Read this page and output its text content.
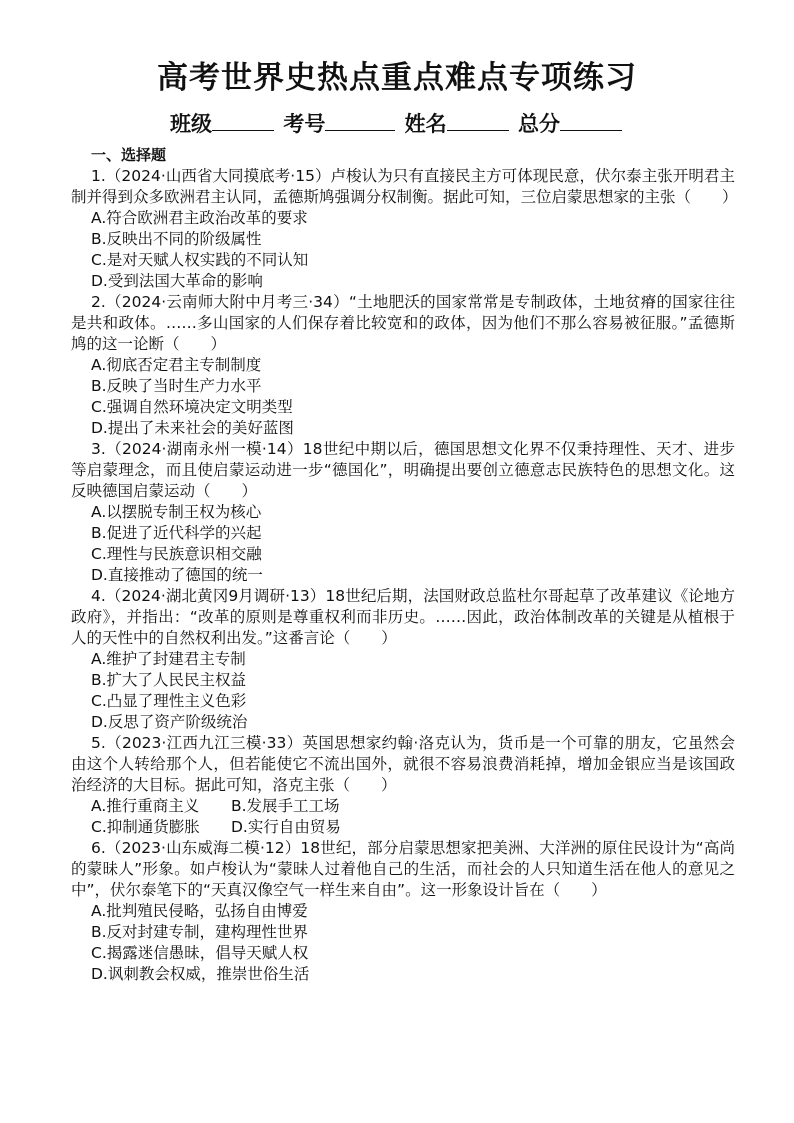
高考世界史热点重点难点专项练习
班级	考号	姓名	总分
一、选择题
1.（2024·山西省大同摸底考·15）卢梭认为只有直接民主方可体现民意，伏尔泰主张开明君主制并得到众多欧洲君主认同，孟德斯鸠强调分权制衡。据此可知，三位启蒙思想家的主张（　　）
A.符合欧洲君主政治改革的要求
B.反映出不同的阶级属性
C.是对天赋人权实践的不同认知
D.受到法国大革命的影响
2.（2024·云南师大附中月考三·34）“土地肥沃的国家常常是专制政体，土地贫瘠的国家往往是共和政体。……多山国家的人们保存着比较宽和的政体，因为他们不那么容易被征服。”孟德斯鸠的这一论断（　　）
A.彻底否定君主专制制度
B.反映了当时生产力水平
C.强调自然环境决定文明类型
D.提出了未来社会的美好蓝图
3.（2024·湖南永州一模·14）18世纪中期以后，德国思想文化界不仅秉持理性、天才、进步等启蒙理念，而且使启蒙运动进一步“德国化”，明确提出要创立德意志民族特色的思想文化。这反映德国启蒙运动（　　）
A.以摆脱专制王权为核心
B.促进了近代科学的兴起
C.理性与民族意识相交融
D.直接推动了德国的统一
4.（2024·湖北黄冈9月调研·13）18世纪后期，法国财政总监杜尔哥起草了改革建议《论地方政府》，并指出：“改革的原则是尊重权利而非历史。……因此，政治体制改革的关键是从植根于人的天性中的自然权利出发。”这番言论（　　）
A.维护了封建君主专制
B.扩大了人民民主权益
C.凸显了理性主义色彩
D.反思了资产阶级统治
5.（2023·江西九江三模·33）英国思想家约翰·洛克认为，货币是一个可靠的朋友，它虽然会由这个人转给那个人，但若能使它不流出国外，就很不容易浪费消耗掉，增加金银应当是该国政治经济的大目标。据此可知，洛克主张（　　）
A.推行重商主义 B.发展手工工场
C.抑制通货膨胀 D.实行自由贸易
6.（2023·山东威海二模·12）18世纪，部分启蒙思想家把美洲、大洋洲的原住民设计为“高尚的蒙昧人”形象。如卢梭认为“蒙昧人过着他自己的生活，而社会的人只知道生活在他人的意见之中”，伏尔泰笔下的“天真汉像空气一样生来自由”。这一形象设计旨在（　　）
A.批判殖民侵略，弘扬自由博爱
B.反对封建专制，建构理性世界
C.揭露迷信愚昧，倡导天赋人权
D.讽刺教会权威，推崇世俗生活
